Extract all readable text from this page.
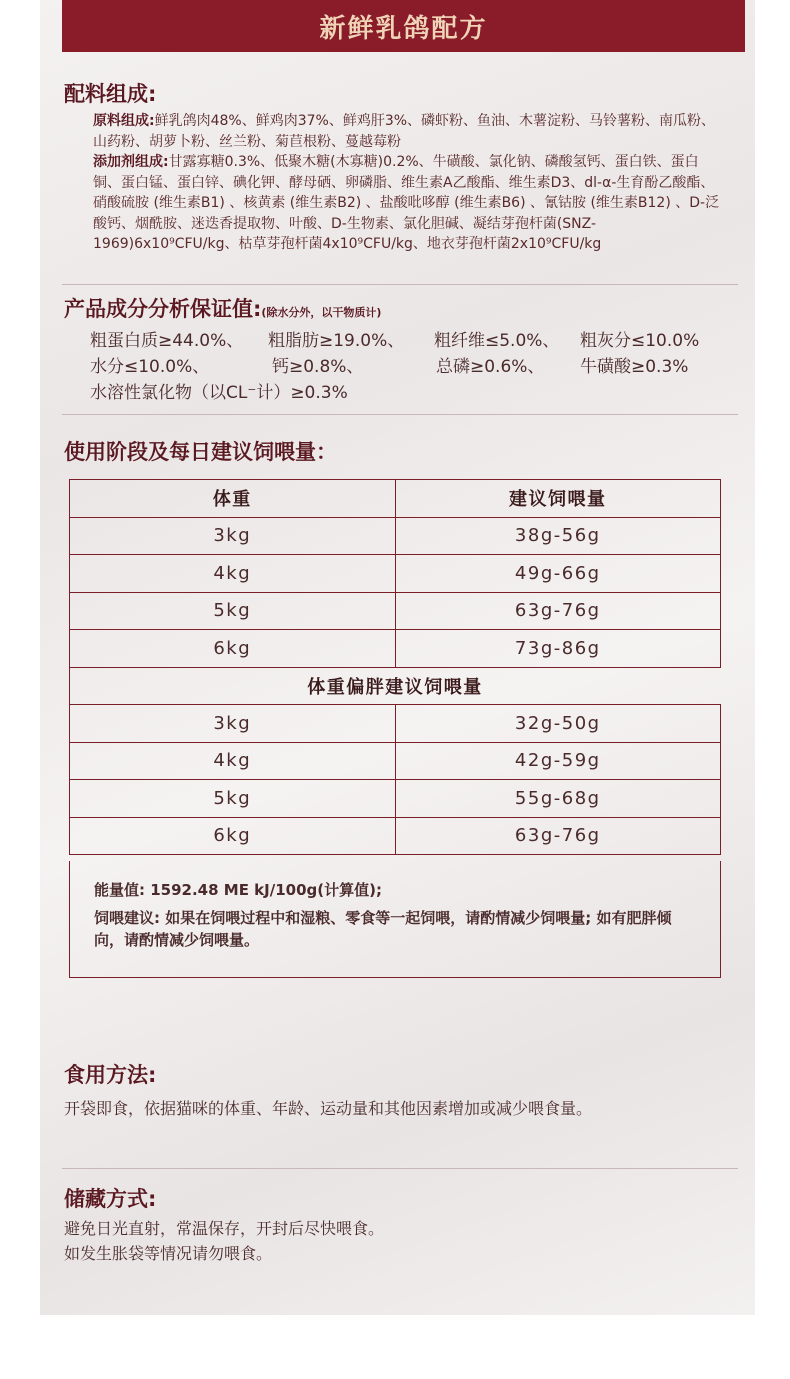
新鲜乳鸽配方
配料组成:
原料组成:鲜乳鸽肉48%、鲜鸡肉37%、鲜鸡肝3%、磷虾粉、鱼油、木薯淀粉、马铃薯粉、南瓜粉、山药粉、胡萝卜粉、丝兰粉、菊苣根粉、蔓越莓粉
添加剂组成:甘露寡糖0.3%、低聚木糖(木寡糖)0.2%、牛磺酸、氯化钠、磷酸氢钙、蛋白铁、蛋白铜、蛋白锰、蛋白锌、碘化钾、酵母硒、卵磷脂、维生素A乙酸酯、维生素D3、dl-α-生育酚乙酸酯、硝酸硫胺 (维生素B1) 、核黄素 (维生素B2) 、盐酸吡哆醇 (维生素B6) 、氰钴胺 (维生素B12) 、D-泛酸钙、烟酰胺、迷迭香提取物、叶酸、D-生物素、氯化胆碱、凝结芽孢杆菌(SNZ-1969)6x10⁹CFU/kg、枯草芽孢杆菌4x10⁹CFU/kg、地衣芽孢杆菌2x10⁹CFU/kg
产品成分分析保证值:(除水分外，以干物质计)
粗蛋白质≥44.0%、	粗脂肪≥19.0%、	粗纤维≤5.0%、	粗灰分≤10.0%
水分≤10.0%、	钙≥0.8%、	总磷≥0.6%、	牛磺酸≥0.3%
水溶性氯化物（以CL⁻计）≥0.3%
使用阶段及每日建议饲喂量：
体重	建议饲喂量
3kg	38g-56g
4kg	49g-66g
5kg	63g-76g
6kg	73g-86g
体重偏胖建议饲喂量	
3kg	32g-50g
4kg	42g-59g
5kg	55g-68g
6kg	63g-76g

能量值: 1592.48 ME kJ/100g(计算值);

饲喂建议: 如果在饲喂过程中和湿粮、零食等一起饲喂，请酌情减少饲喂量; 如有肥胖倾向，请酌情减少饲喂量。

食用方法:
开袋即食，依据猫咪的体重、年龄、运动量和其他因素增加或减少喂食量。
储藏方式:
避免日光直射，常温保存，开封后尽快喂食。
如发生胀袋等情况请勿喂食。
